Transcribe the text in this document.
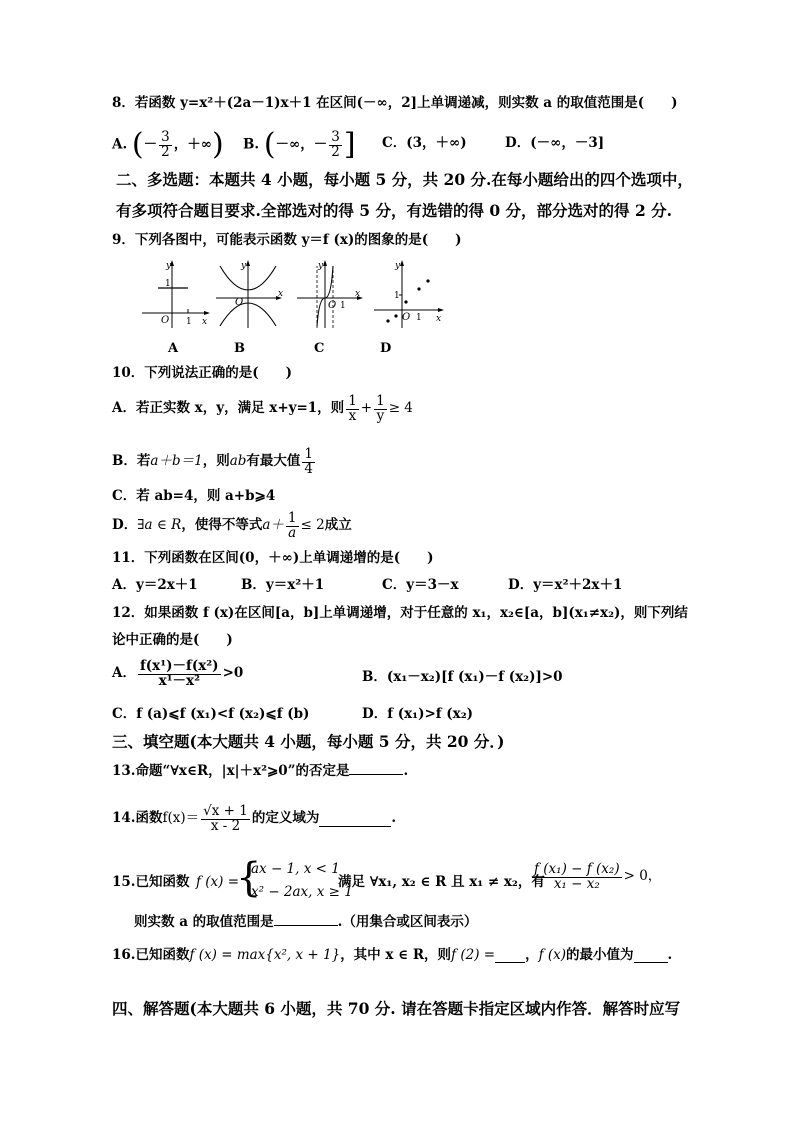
8．若函数 y=x²＋(2a－1)x＋1 在区间(－∞，2]上单调递减，则实数 a 的取值范围是(　　)
A. (－ $\frac{3}{2}$ ，＋∞) B. (－∞，－ $\frac{3}{2}$ ] C．(3，＋∞)	D．(－∞，－3]
二、多选题：本题共 4 小题，每小题 5 分，共 20 分.在每小题给出的四个选项中，
有多项符合题目要求.全部选对的得 5 分，有选错的得 0 分，部分选对的得 2 分.
9．下列各图中，可能表示函数 y＝f (x)的图象的是(　　)
y
x
O
1
1
y
x
O
y
x
O 1
y
x
O
1
1
A	B	C	D
10．下列说法正确的是(　　)
A．若正实数 x，y，满足 x+y=1，则 $\frac{1}{x} + \frac{1}{y} \ge 4$
B．若 a＋b＝1 ，则 ab 有最大值 $\frac{1}{4}$
C．若 ab=4，则 a+b⩾4
D． ∃a ∈ R ，使得不等式 $a+ \frac{1}{a} \le 2$ 成立
11．下列函数在区间(0，＋∞)上单调递增的是(　　)
A．y＝2x＋1	B．y＝x²＋1	C．y＝3－x	D．y＝x²＋2x＋1
12．如果函数 f (x)在区间[a，b]上单调递增，对于任意的 x₁，x₂∈[a，b](x₁≠x₂)，则下列结
论中正确的是(　　)
A． $\frac{\text{f(x¹)－f(x²)}}{\text{x¹－x²}} >0$	B．(x₁－x₂)[f (x₁)－f (x₂)]>0
C．f (a)⩽f (x₁)<f (x₂)⩽f (b)	D．f (x₁)>f (x₂)
三、填空题(本大题共 4 小题，每小题 5 分，共 20 分．)
13.命题“∀x∈R，|x|＋x²⩾0”的否定是	.
14.函数 $f(x)= \frac{√x + 1}{x - 2}$ 的定义域为	.
15.已知函数 f (x) =
{
ax − 1, x < 1
x² − 2ax, x ≥ 1
满足 ∀x₁, x₂ ∈ R 且 x₁ ≠ x₂，有
$\frac{\text{f (x₁) − f (x₂)}}{\text{x₁ − x₂}} > 0$，
则实数 a 的取值范围是	.（用集合或区间表示）
16.已知函数 f (x) = max{x², x + 1} ，其中 x ∈ R，则 f (2) = ， f (x) 的最小值为	.
四、解答题(本大题共 6 小题，共 70 分. 请在答题卡指定区域内作答．解答时应写
